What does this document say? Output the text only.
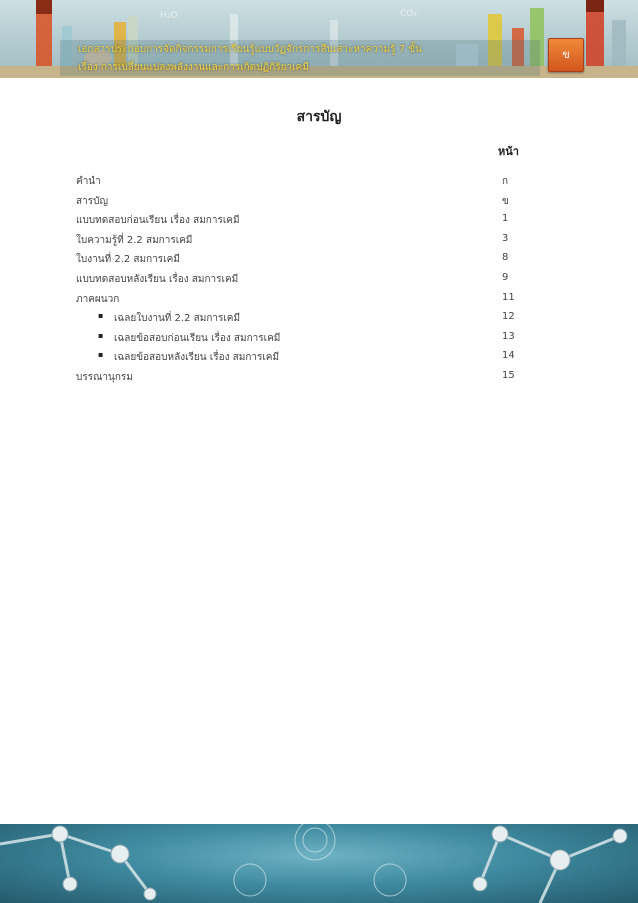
H₂O	CO₂
เอกสารประกอบการจัดกิจกรรมการเรียนรู้แบบวัฏจักรการสืบเสาะหาความรู้ 7 ขั้น
เรื่อง การเปลี่ยนแปลงพลังงานและการเกิดปฏิกิริยาเคมี
ข
สารบัญ
หน้า
คำนำ	ก
สารบัญ	ข
แบบทดสอบก่อนเรียน เรื่อง สมการเคมี	1
ใบความรู้ที่ 2.2 สมการเคมี	3
ใบงานที่ 2.2 สมการเคมี	8
แบบทดสอบหลังเรียน เรื่อง สมการเคมี	9
ภาคผนวก	11
▪ เฉลยใบงานที่ 2.2 สมการเคมี	12
▪ เฉลยข้อสอบก่อนเรียน เรื่อง สมการเคมี	13
▪ เฉลยข้อสอบหลังเรียน เรื่อง สมการเคมี	14
บรรณานุกรม	15
